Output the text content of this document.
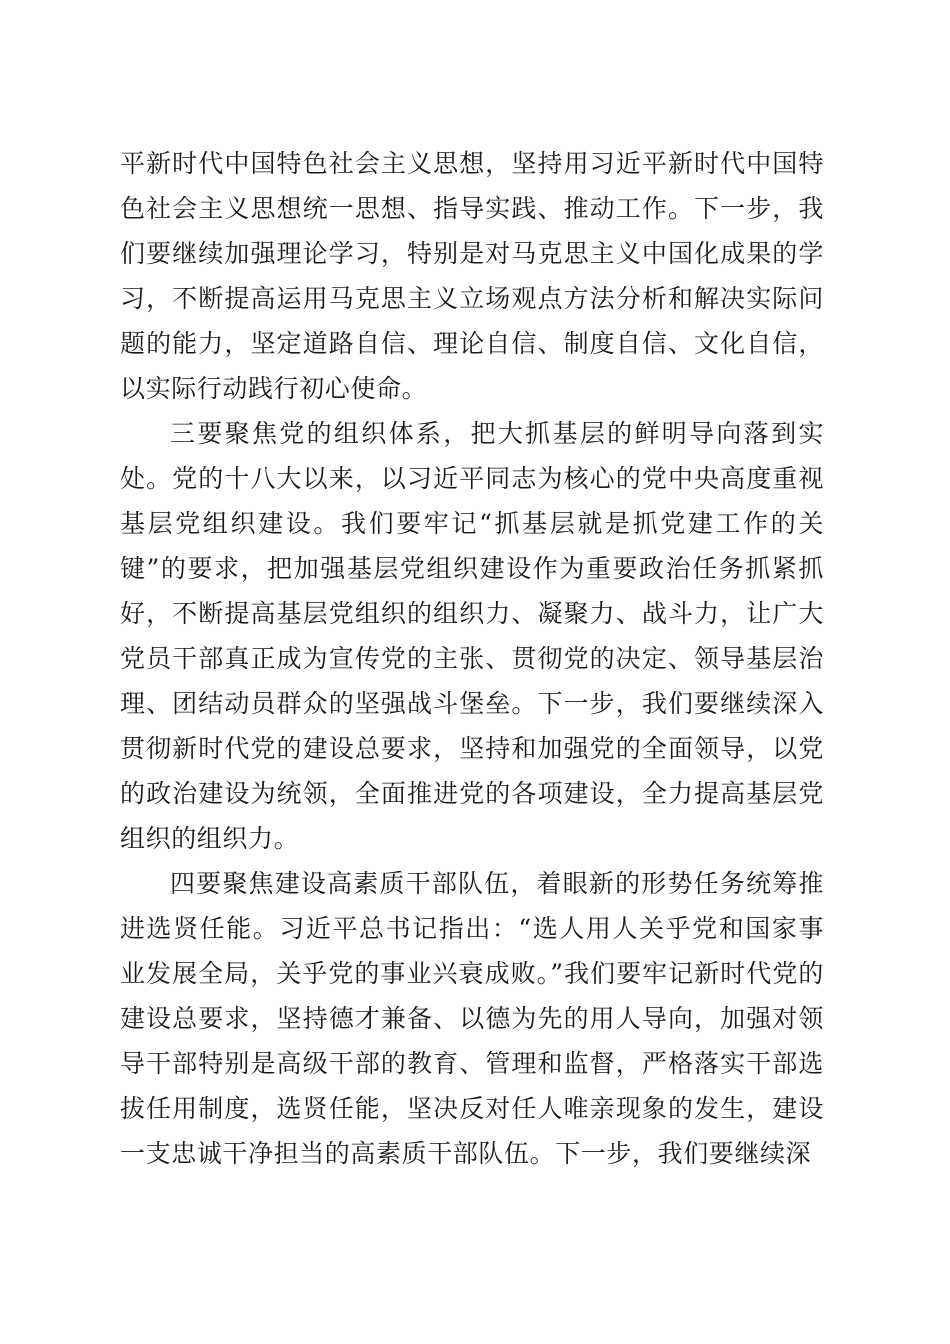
平新时代中国特色社会主义思想，坚持用习近平新时代中国特色社会主义思想统一思想、指导实践、推动工作。下一步，我们要继续加强理论学习，特别是对马克思主义中国化成果的学习，不断提高运用马克思主义立场观点方法分析和解决实际问题的能力，坚定道路自信、理论自信、制度自信、文化自信，以实际行动践行初心使命。

三要聚焦党的组织体系，把大抓基层的鲜明导向落到实处。党的十八大以来，以习近平同志为核心的党中央高度重视基层党组织建设。我们要牢记“抓基层就是抓党建工作的关键”的要求，把加强基层党组织建设作为重要政治任务抓紧抓好，不断提高基层党组织的组织力、凝聚力、战斗力，让广大党员干部真正成为宣传党的主张、贯彻党的决定、领导基层治理、团结动员群众的坚强战斗堡垒。下一步，我们要继续深入贯彻新时代党的建设总要求，坚持和加强党的全面领导，以党的政治建设为统领，全面推进党的各项建设，全力提高基层党组织的组织力。

四要聚焦建设高素质干部队伍，着眼新的形势任务统筹推进选贤任能。习近平总书记指出：“选人用人关乎党和国家事业发展全局，关乎党的事业兴衰成败。”我们要牢记新时代党的建设总要求，坚持德才兼备、以德为先的用人导向，加强对领导干部特别是高级干部的教育、管理和监督，严格落实干部选拔任用制度，选贤任能，坚决反对任人唯亲现象的发生，建设一支忠诚干净担当的高素质干部队伍。下一步，我们要继续深
